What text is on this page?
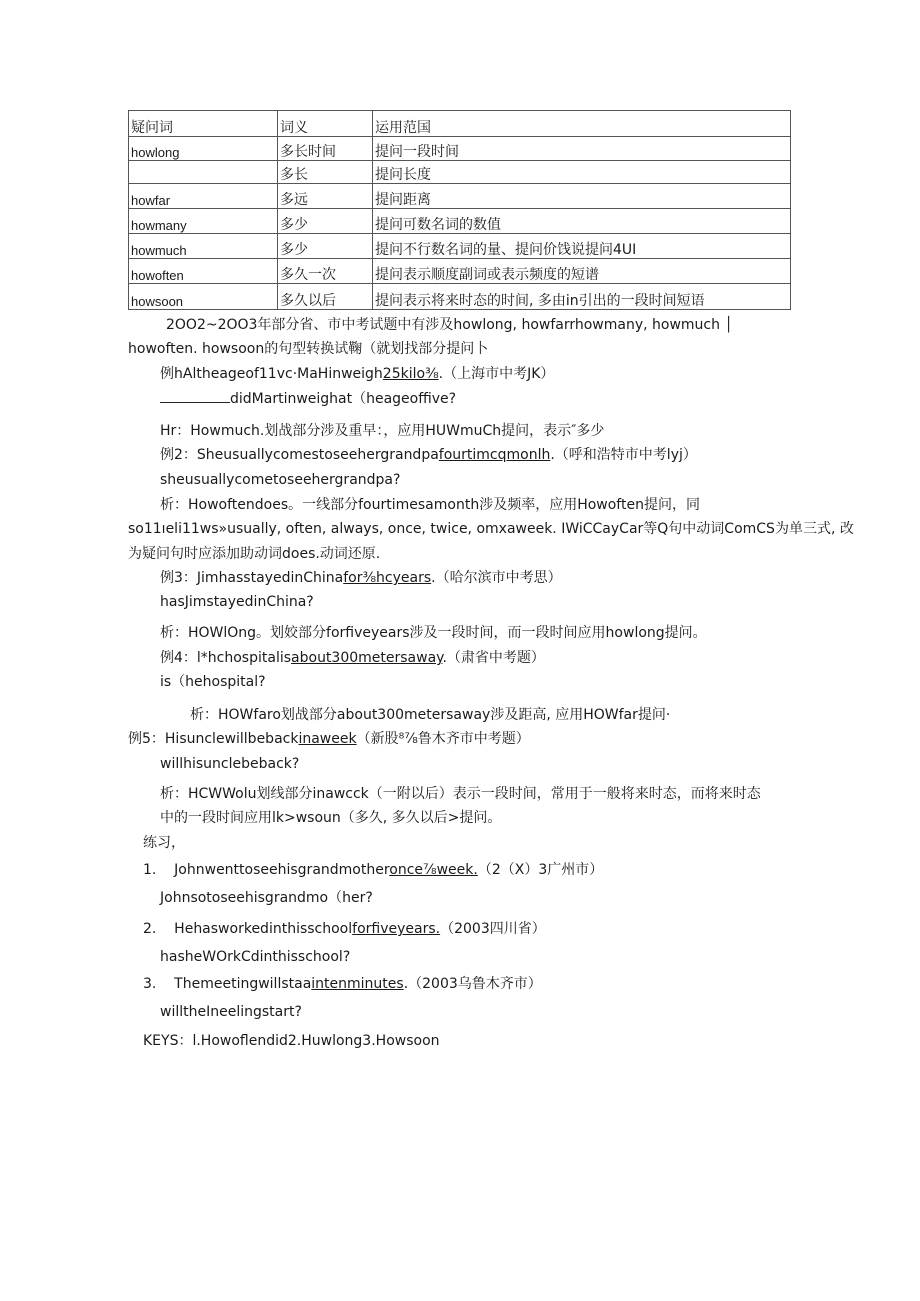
疑问词	词义	运用范国
howlong	多长时间	提问一段时间
	多长	提问长度
howfar	多远	提问距离
howmany	多少	提问可数名词的数值
howmuch	多少	提问不行数名词的量、提问价饯说提问4UI
howoften	多久一次	提问表示顺度副词或表示频度的短谱
howsoon	多久以后	提问表示将来时态的时间, 多由in引出的一段时间短语
2OO2~2OO3年部分省、市中考试题中有涉及howlong, howfarrhowmany, howmuch │
howoften. howsoon的句型转换试鞠（就划找部分提问卜
例hAltheageof11vc·MaHinweigh25kilo⅜.（上海市中考JK）
didMartinweighat（heageoffive?
Hr：Howmuch.划战部分涉及重早：，应用HUWmuCh提问，表示″多少
例2：Sheusuallycomestoseehergrandpafourtimcqmonlh.（呼和浩特市中考lyj）
sheusuallycometoseehergrandpa?
析：Howoftendoes。一线部分fourtimesamonth涉及频率，应用Howoften提问，同
so11ıeli11ws»usually, often, always, once, twice, omxaweek. IWiCCayCar等Q句中动词ComCS为单三式, 改
为疑问句时应添加助动词does.动词还原.
例3：JimhasstayedinChinafor⅜hcyears.（哈尔滨市中考思）
hasJimstayedinChina?
析：HOWlOng。划姣部分forfiveyears涉及一段时间，而一段时间应用howlong提问。
例4：l*hchospitalisabout300metersaway.（肃省中考题）
is（hehospital?
析：HOWfaro划战部分about300metersaway涉及距高, 应用HOWfar提问·
例5：Hisunclewillbebackinaweek（新股⁸⅞鲁木齐市中考题）
willhisunclebeback?
析：HCWWolu划线部分inawcck（一附以后）表示一段时间，常用于一般将来时态，而将来时态
中的一段时间应用lk>wsoun（多久, 多久以后>提问。
练习，
1. Johnwenttoseehisgrandmotheronce⅞week.（2（X）3广州市）
Johnsotoseehisgrandmo（her?
2. Hehasworkedinthisschoolforfiveyears.（2003四川省）
hasheWOrkCdinthisschool?
3. Themeetingwillstaaintenminutes.（2003乌鲁木齐市）
willtheIneelingstart?
KEYS：l.Howoflendid2.Huwlong3.Howsoon
